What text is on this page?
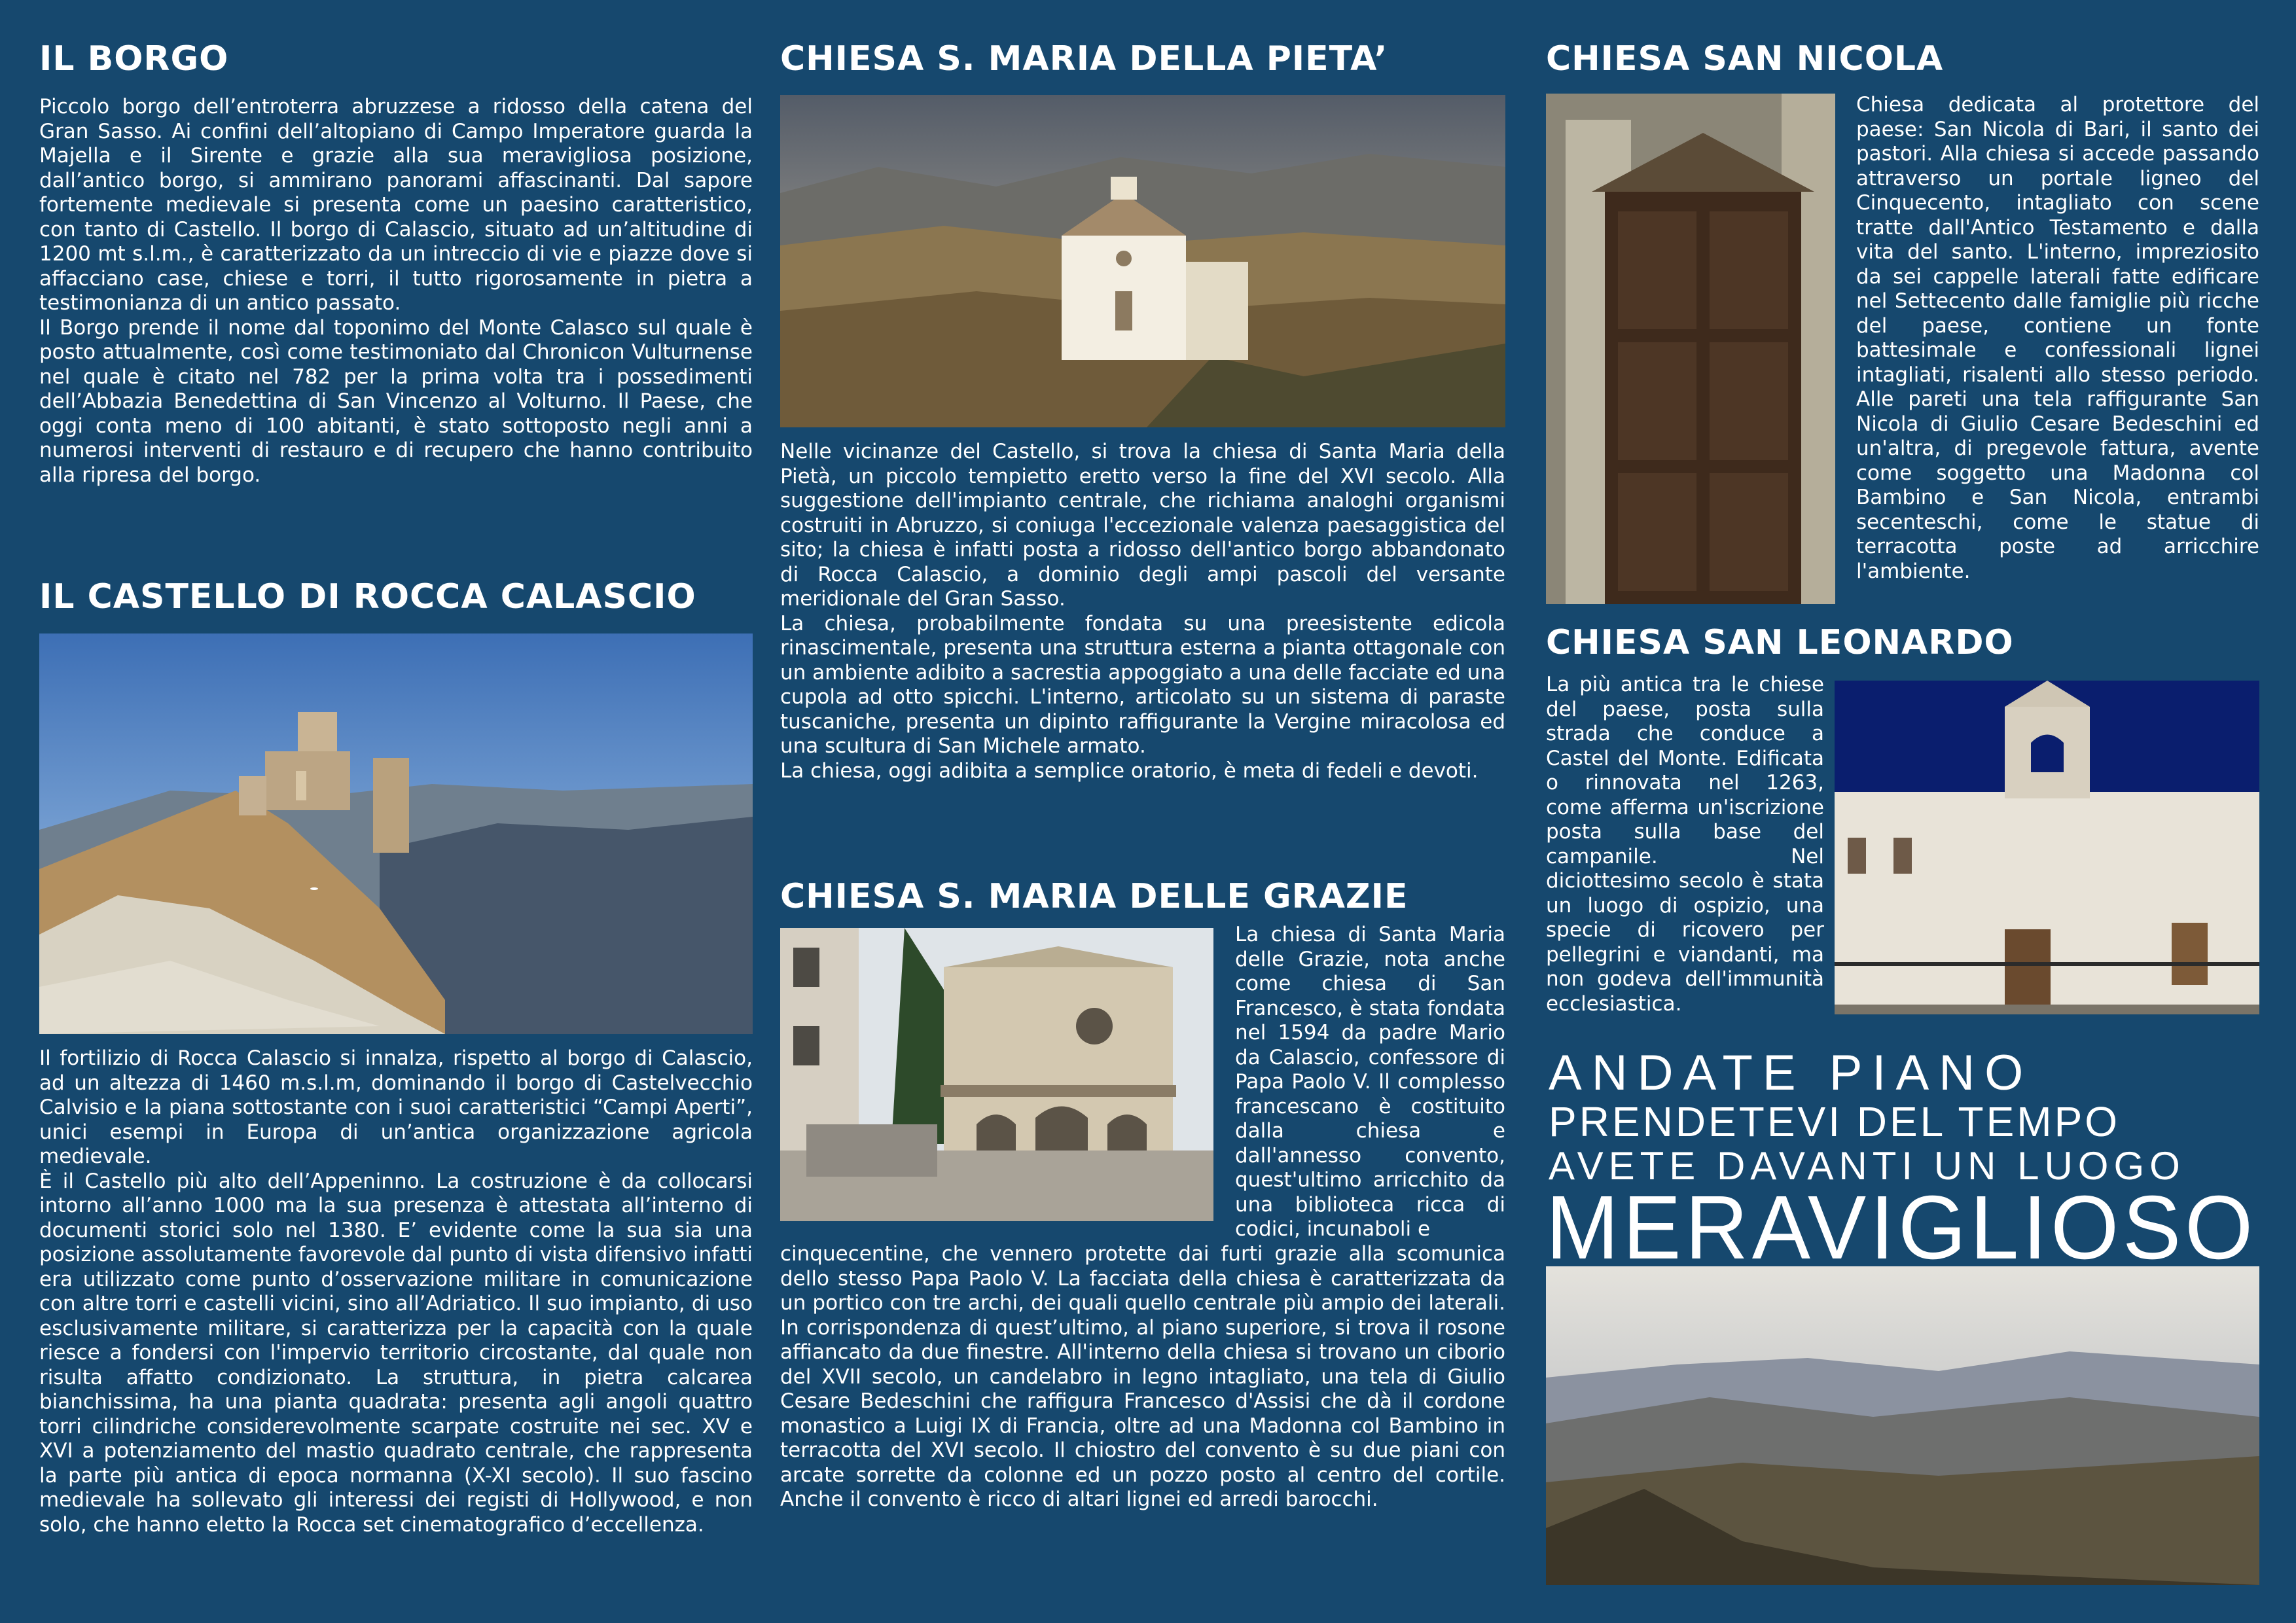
IL BORGO

Piccolo borgo dell’entroterra abruzzese a ridosso della catena del Gran Sasso. Ai confini dell’altopiano di Campo Imperatore guarda la Majella e il Sirente e grazie alla sua meravigliosa posizione, dall’antico borgo, si ammirano panorami affascinanti. Dal sapore fortemente medievale si presenta come un paesino caratteristico, con tanto di Castello. Il borgo di Calascio, situato ad un’altitudine di 1200 mt s.l.m., è caratterizzato da un intreccio di vie e piazze dove si affacciano case, chiese e torri, il tutto rigorosamente in pietra a testimonianza di un antico passato.

Il Borgo prende il nome dal toponimo del Monte Calasco sul quale è posto attualmente, così come testimoniato dal Chronicon Vulturnense nel quale è citato nel 782 per la prima volta tra i possedimenti dell’Abbazia Benedettina di San Vincenzo al Volturno. Il Paese, che oggi conta meno di 100 abitanti, è stato sottoposto negli anni a numerosi interventi di restauro e di recupero che hanno contribuito alla ripresa del borgo.

IL CASTELLO DI ROCCA CALASCIO

Il fortilizio di Rocca Calascio si innalza, rispetto al borgo di Calascio, ad un altezza di 1460 m.s.l.m, dominando il borgo di Castelvecchio Calvisio e la piana sottostante con i suoi caratteristici “Campi Aperti”, unici esempi in Europa di un’antica organizzazione agricola medievale.

È il Castello più alto dell’Appeninno. La costruzione è da collocarsi intorno all’anno 1000 ma la sua presenza è attestata all’interno di documenti storici solo nel 1380. E’ evidente come la sua sia una posizione assolutamente favorevole dal punto di vista difensivo infatti era utilizzato come punto d’osservazione militare in comunicazione con altre torri e castelli vicini, sino all’Adriatico. Il suo impianto, di uso esclusivamente militare, si caratterizza per la capacità con la quale riesce a fondersi con l'impervio territorio circostante, dal quale non risulta affatto condizionato. La struttura, in pietra calcarea bianchissima, ha una pianta quadrata: presenta agli angoli quattro torri cilindriche considerevolmente scarpate costruite nei sec. XV e XVI a potenziamento del mastio quadrato centrale, che rappresenta la parte più antica di epoca normanna (X-XI secolo). Il suo fascino medievale ha sollevato gli interessi dei registi di Hollywood, e non solo, che hanno eletto la Rocca set cinematografico d’eccellenza.

CHIESA S. MARIA DELLA PIETA’

Nelle vicinanze del Castello, si trova la chiesa di Santa Maria della Pietà, un piccolo tempietto eretto verso la fine del XVI secolo. Alla suggestione dell'impianto centrale, che richiama analoghi organismi costruiti in Abruzzo, si coniuga l'eccezionale valenza paesaggistica del sito; la chiesa è infatti posta a ridosso dell'antico borgo abbandonato di Rocca Calascio, a dominio degli ampi pascoli del versante meridionale del Gran Sasso.

La chiesa, probabilmente fondata su una preesistente edicola rinascimentale, presenta una struttura esterna a pianta ottagonale con un ambiente adibito a sacrestia appoggiato a una delle facciate ed una cupola ad otto spicchi. L'interno, articolato su un sistema di paraste tuscaniche, presenta un dipinto raffigurante la Vergine miracolosa ed una scultura di San Michele armato.

La chiesa, oggi adibita a semplice oratorio, è meta di fedeli e devoti.

CHIESA S. MARIA DELLE GRAZIE

La chiesa di Santa Maria delle Grazie, nota anche come chiesa di San Francesco, è stata fondata nel 1594 da padre Mario da Calascio, confessore di Papa Paolo V. Il complesso francescano è costituito dalla chiesa e dall'annesso convento, quest'ultimo arricchito da una biblioteca ricca di codici, incunaboli e

cinquecentine, che vennero protette dai furti grazie alla scomunica dello stesso Papa Paolo V. La facciata della chiesa è caratterizzata da un portico con tre archi, dei quali quello centrale più ampio dei laterali. In corrispondenza di quest’ultimo, al piano superiore, si trova il rosone affiancato da due finestre. All'interno della chiesa si trovano un ciborio del XVII secolo, un candelabro in legno intagliato, una tela di Giulio Cesare Bedeschini che raffigura Francesco d'Assisi che dà il cordone monastico a Luigi IX di Francia, oltre ad una Madonna col Bambino in terracotta del XVI secolo. Il chiostro del convento è su due piani con arcate sorrette da colonne ed un pozzo posto al centro del cortile. Anche il convento è ricco di altari lignei ed arredi barocchi.

CHIESA SAN NICOLA

Chiesa dedicata al protettore del paese: San Nicola di Bari, il santo dei pastori. Alla chiesa si accede passando attraverso un portale ligneo del Cinquecento, intagliato con scene tratte dall'Antico Testamento e dalla vita del santo. L'interno, impreziosito da sei cappelle laterali fatte edificare nel Settecento dalle famiglie più ricche del paese, contiene un fonte battesimale e confessionali lignei intagliati, risalenti allo stesso periodo. Alle pareti una tela raffigurante San Nicola di Giulio Cesare Bedeschini ed un'altra, di pregevole fattura, avente come soggetto una Madonna col Bambino e San Nicola, entrambi secenteschi, come le statue di terracotta poste ad arricchire l'ambiente.

CHIESA SAN LEONARDO

La più antica tra le chiese del paese, posta sulla strada che conduce a Castel del Monte. Edificata o rinnovata nel 1263, come afferma un'iscrizione posta sulla base del campanile. Nel diciottesimo secolo è stata un luogo di ospizio, una specie di ricovero per pellegrini e viandanti, ma non godeva dell'immunità ecclesiastica.

ANDATE PIANO
PRENDETEVI DEL TEMPO
AVETE DAVANTI UN LUOGO
MERAVIGLIOSO
